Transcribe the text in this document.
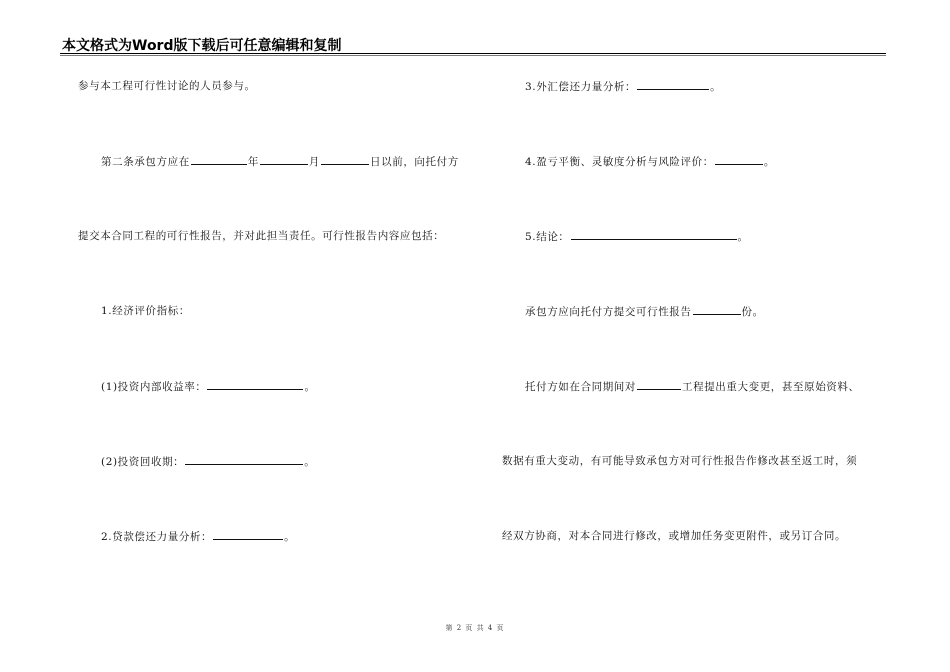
本文格式为Word版下载后可任意编辑和复制
参与本工程可行性讨论的人员参与。
第二条承包方应在	年	月	日以前，向托付方
提交本合同工程的可行性报告，并对此担当责任。可行性报告内容应包括：
1.经济评价指标：
(1)投资内部收益率：	。
(2)投资回收期：	。
2.贷款偿还力量分析：	。
3.外汇偿还力量分析：	。
4.盈亏平衡、灵敏度分析与风险评价：	。
5.结论：	。
承包方应向托付方提交可行性报告	份。
托付方如在合同期间对	工程提出重大变更，甚至原始资料、
数据有重大变动，有可能导致承包方对可行性报告作修改甚至返工时，须
经双方协商，对本合同进行修改，或增加任务变更附件，或另订合同。
第 2 页 共 4 页
